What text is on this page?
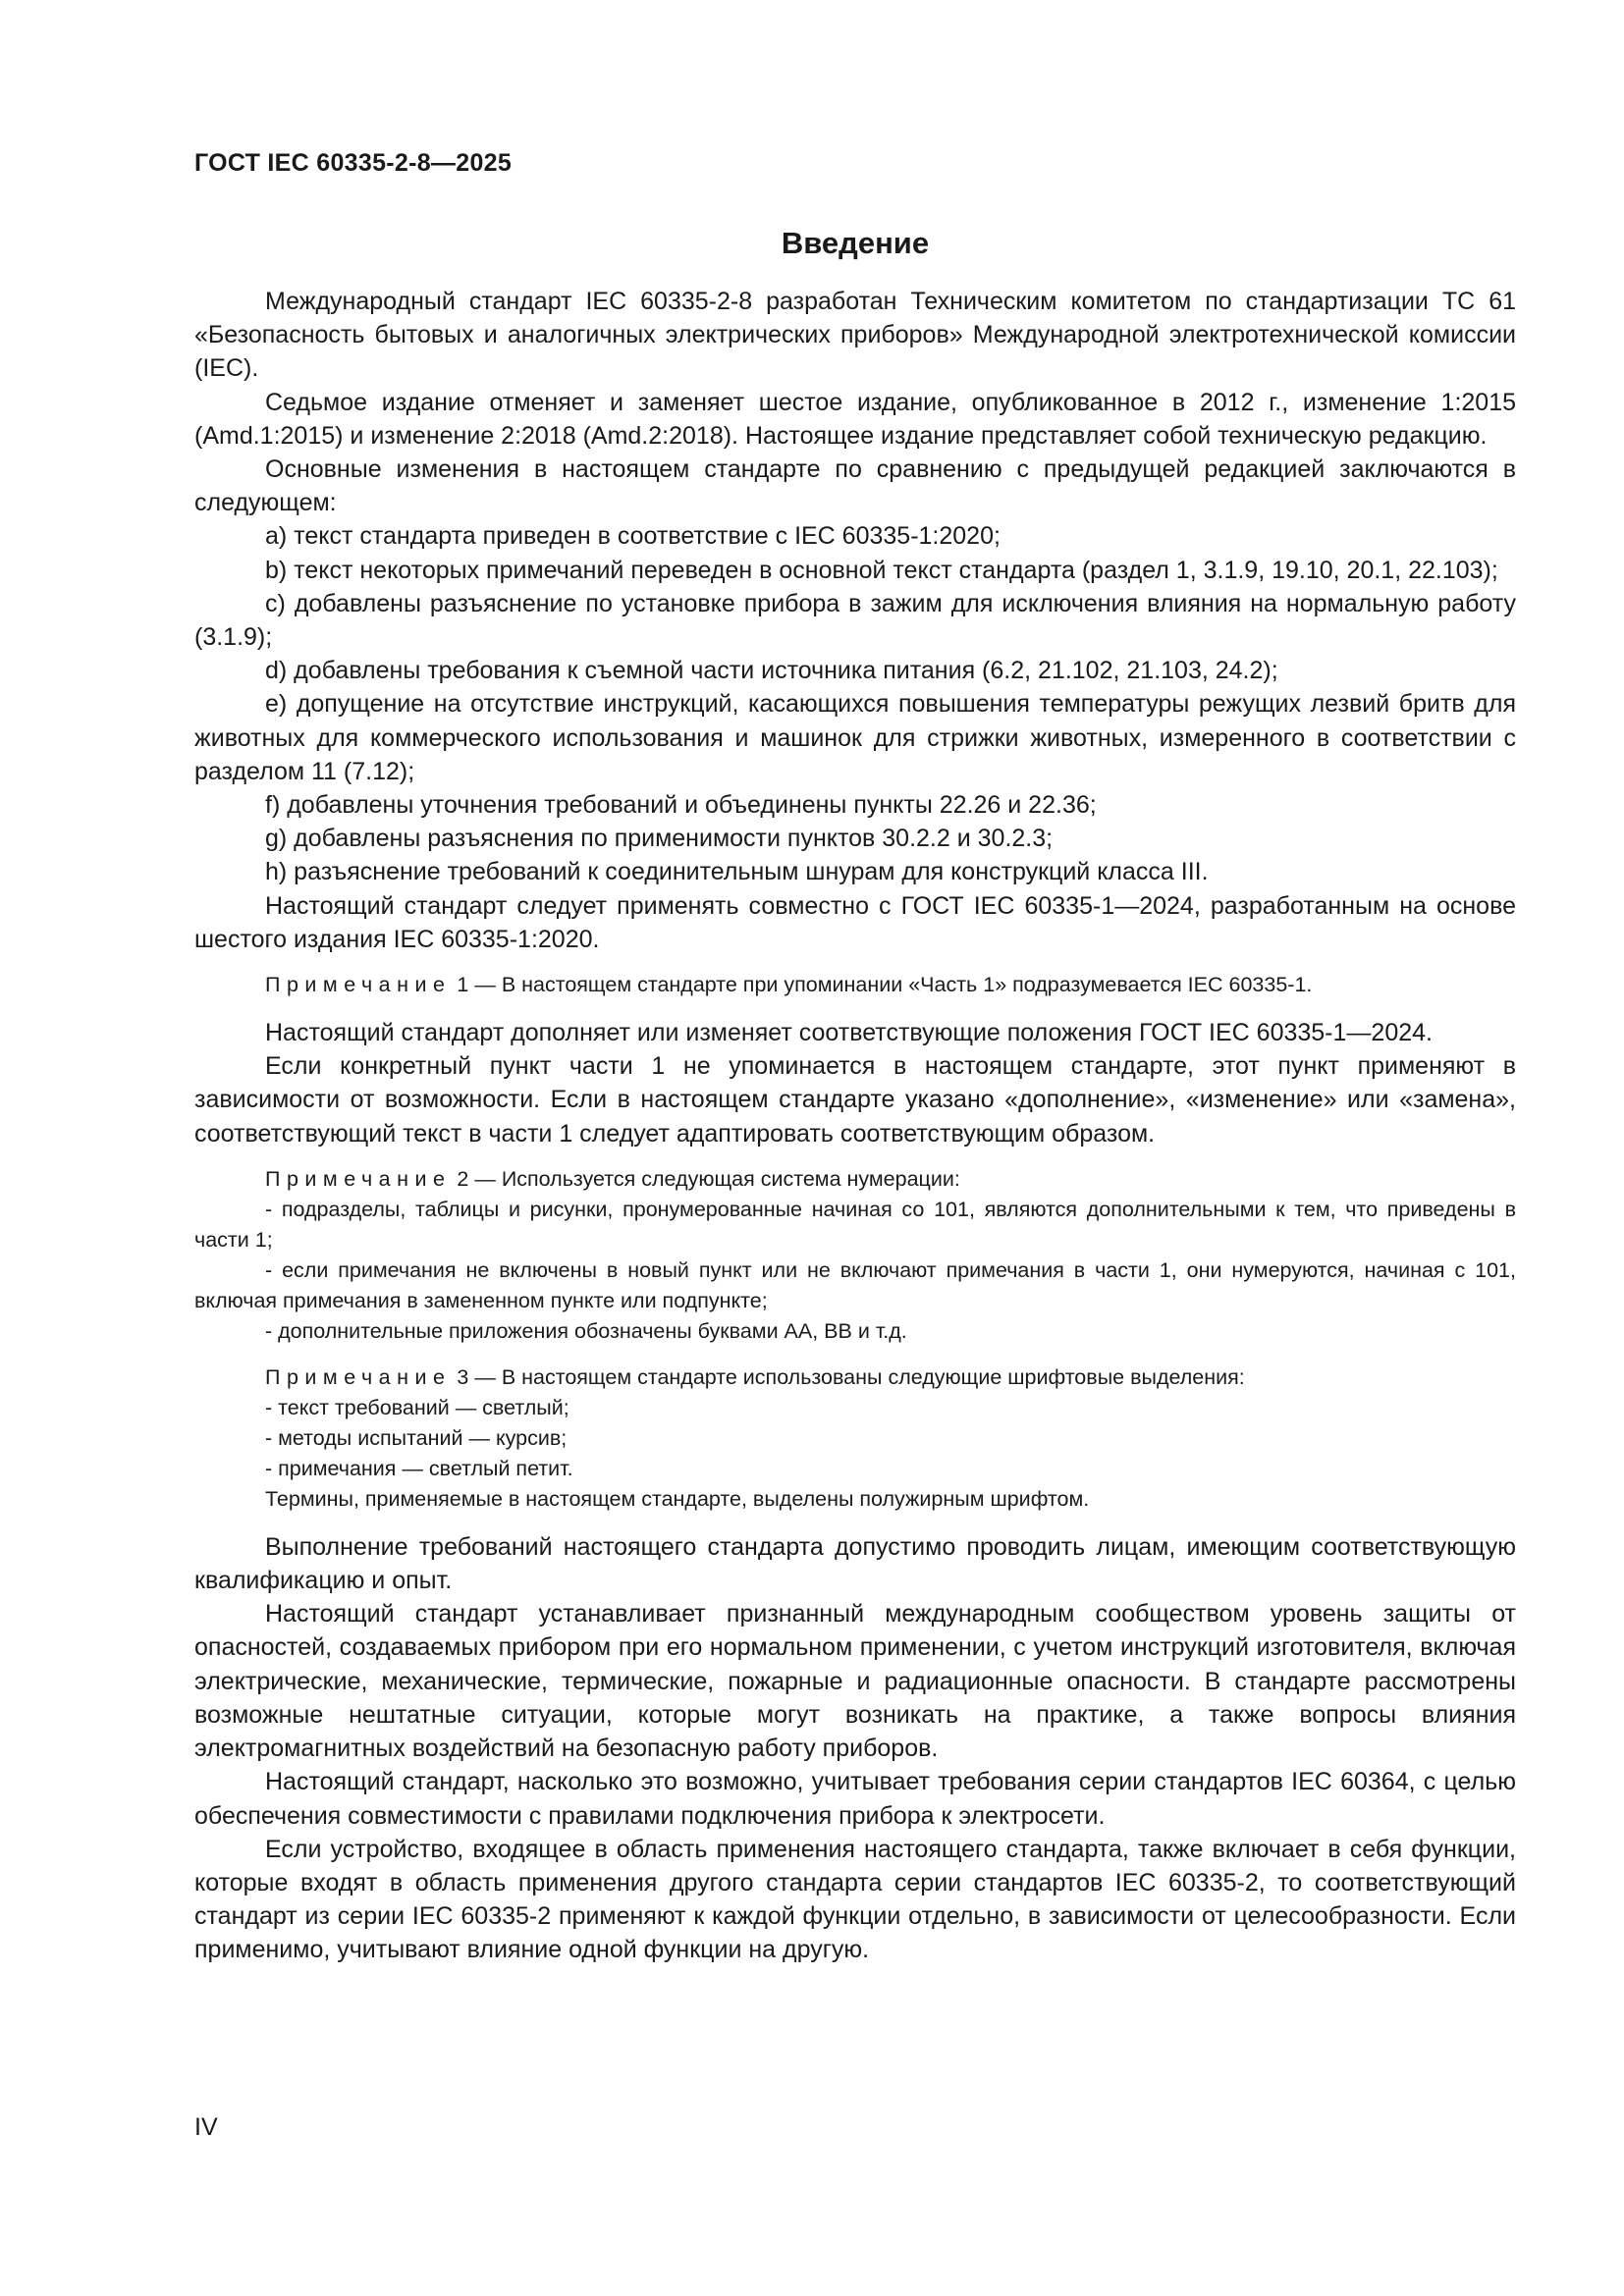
ГОСТ IEC 60335-2-8—2025
Введение

Международный стандарт IEC 60335-2-8 разработан Техническим комитетом по стандартизации ТС 61 «Безопасность бытовых и аналогичных электрических приборов» Международной электротехнической комиссии (IEC).

Седьмое издание отменяет и заменяет шестое издание, опубликованное в 2012 г., изменение 1:2015 (Amd.1:2015) и изменение 2:2018 (Amd.2:2018). Настоящее издание представляет собой техническую редакцию.

Основные изменения в настоящем стандарте по сравнению с предыдущей редакцией заключаются в следующем:

a) текст стандарта приведен в соответствие с IEC 60335-1:2020;

b) текст некоторых примечаний переведен в основной текст стандарта (раздел 1, 3.1.9, 19.10, 20.1, 22.103);

c) добавлены разъяснение по установке прибора в зажим для исключения влияния на нормальную работу (3.1.9);

d) добавлены требования к съемной части источника питания (6.2, 21.102, 21.103, 24.2);

e) допущение на отсутствие инструкций, касающихся повышения температуры режущих лезвий бритв для животных для коммерческого использования и машинок для стрижки животных, измеренного в соответствии с разделом 11 (7.12);

f) добавлены уточнения требований и объединены пункты 22.26 и 22.36;

g) добавлены разъяснения по применимости пунктов 30.2.2 и 30.2.3;

h) разъяснение требований к соединительным шнурам для конструкций класса III.

Настоящий стандарт следует применять совместно с ГОСТ IEC 60335-1—2024, разработанным на основе шестого издания IEC 60335-1:2020.

Примечание 1 — В настоящем стандарте при упоминании «Часть 1» подразумевается IEC 60335-1.

Настоящий стандарт дополняет или изменяет соответствующие положения ГОСТ IEC 60335-1—2024.

Если конкретный пункт части 1 не упоминается в настоящем стандарте, этот пункт применяют в зависимости от возможности. Если в настоящем стандарте указано «дополнение», «изменение» или «замена», соответствующий текст в части 1 следует адаптировать соответствующим образом.

Примечание 2 — Используется следующая система нумерации:

- подразделы, таблицы и рисунки, пронумерованные начиная со 101, являются дополнительными к тем, что приведены в части 1;

- если примечания не включены в новый пункт или не включают примечания в части 1, они нумеруются, начиная с 101, включая примечания в замененном пункте или подпункте;

- дополнительные приложения обозначены буквами АА, ВВ и т.д.

Примечание 3 — В настоящем стандарте использованы следующие шрифтовые выделения:

- текст требований — светлый;

- методы испытаний — курсив;

- примечания — светлый петит.

Термины, применяемые в настоящем стандарте, выделены полужирным шрифтом.

Выполнение требований настоящего стандарта допустимо проводить лицам, имеющим соответствующую квалификацию и опыт.

Настоящий стандарт устанавливает признанный международным сообществом уровень защиты от опасностей, создаваемых прибором при его нормальном применении, с учетом инструкций изготовителя, включая электрические, механические, термические, пожарные и радиационные опасности. В стандарте рассмотрены возможные нештатные ситуации, которые могут возникать на практике, а также вопросы влияния электромагнитных воздействий на безопасную работу приборов.

Настоящий стандарт, насколько это возможно, учитывает требования серии стандартов IEC 60364, с целью обеспечения совместимости с правилами подключения прибора к электросети.

Если устройство, входящее в область применения настоящего стандарта, также включает в себя функции, которые входят в область применения другого стандарта серии стандартов IEC 60335-2, то соответствующий стандарт из серии IEC 60335-2 применяют к каждой функции отдельно, в зависимости от целесообразности. Если применимо, учитывают влияние одной функции на другую.

IV
